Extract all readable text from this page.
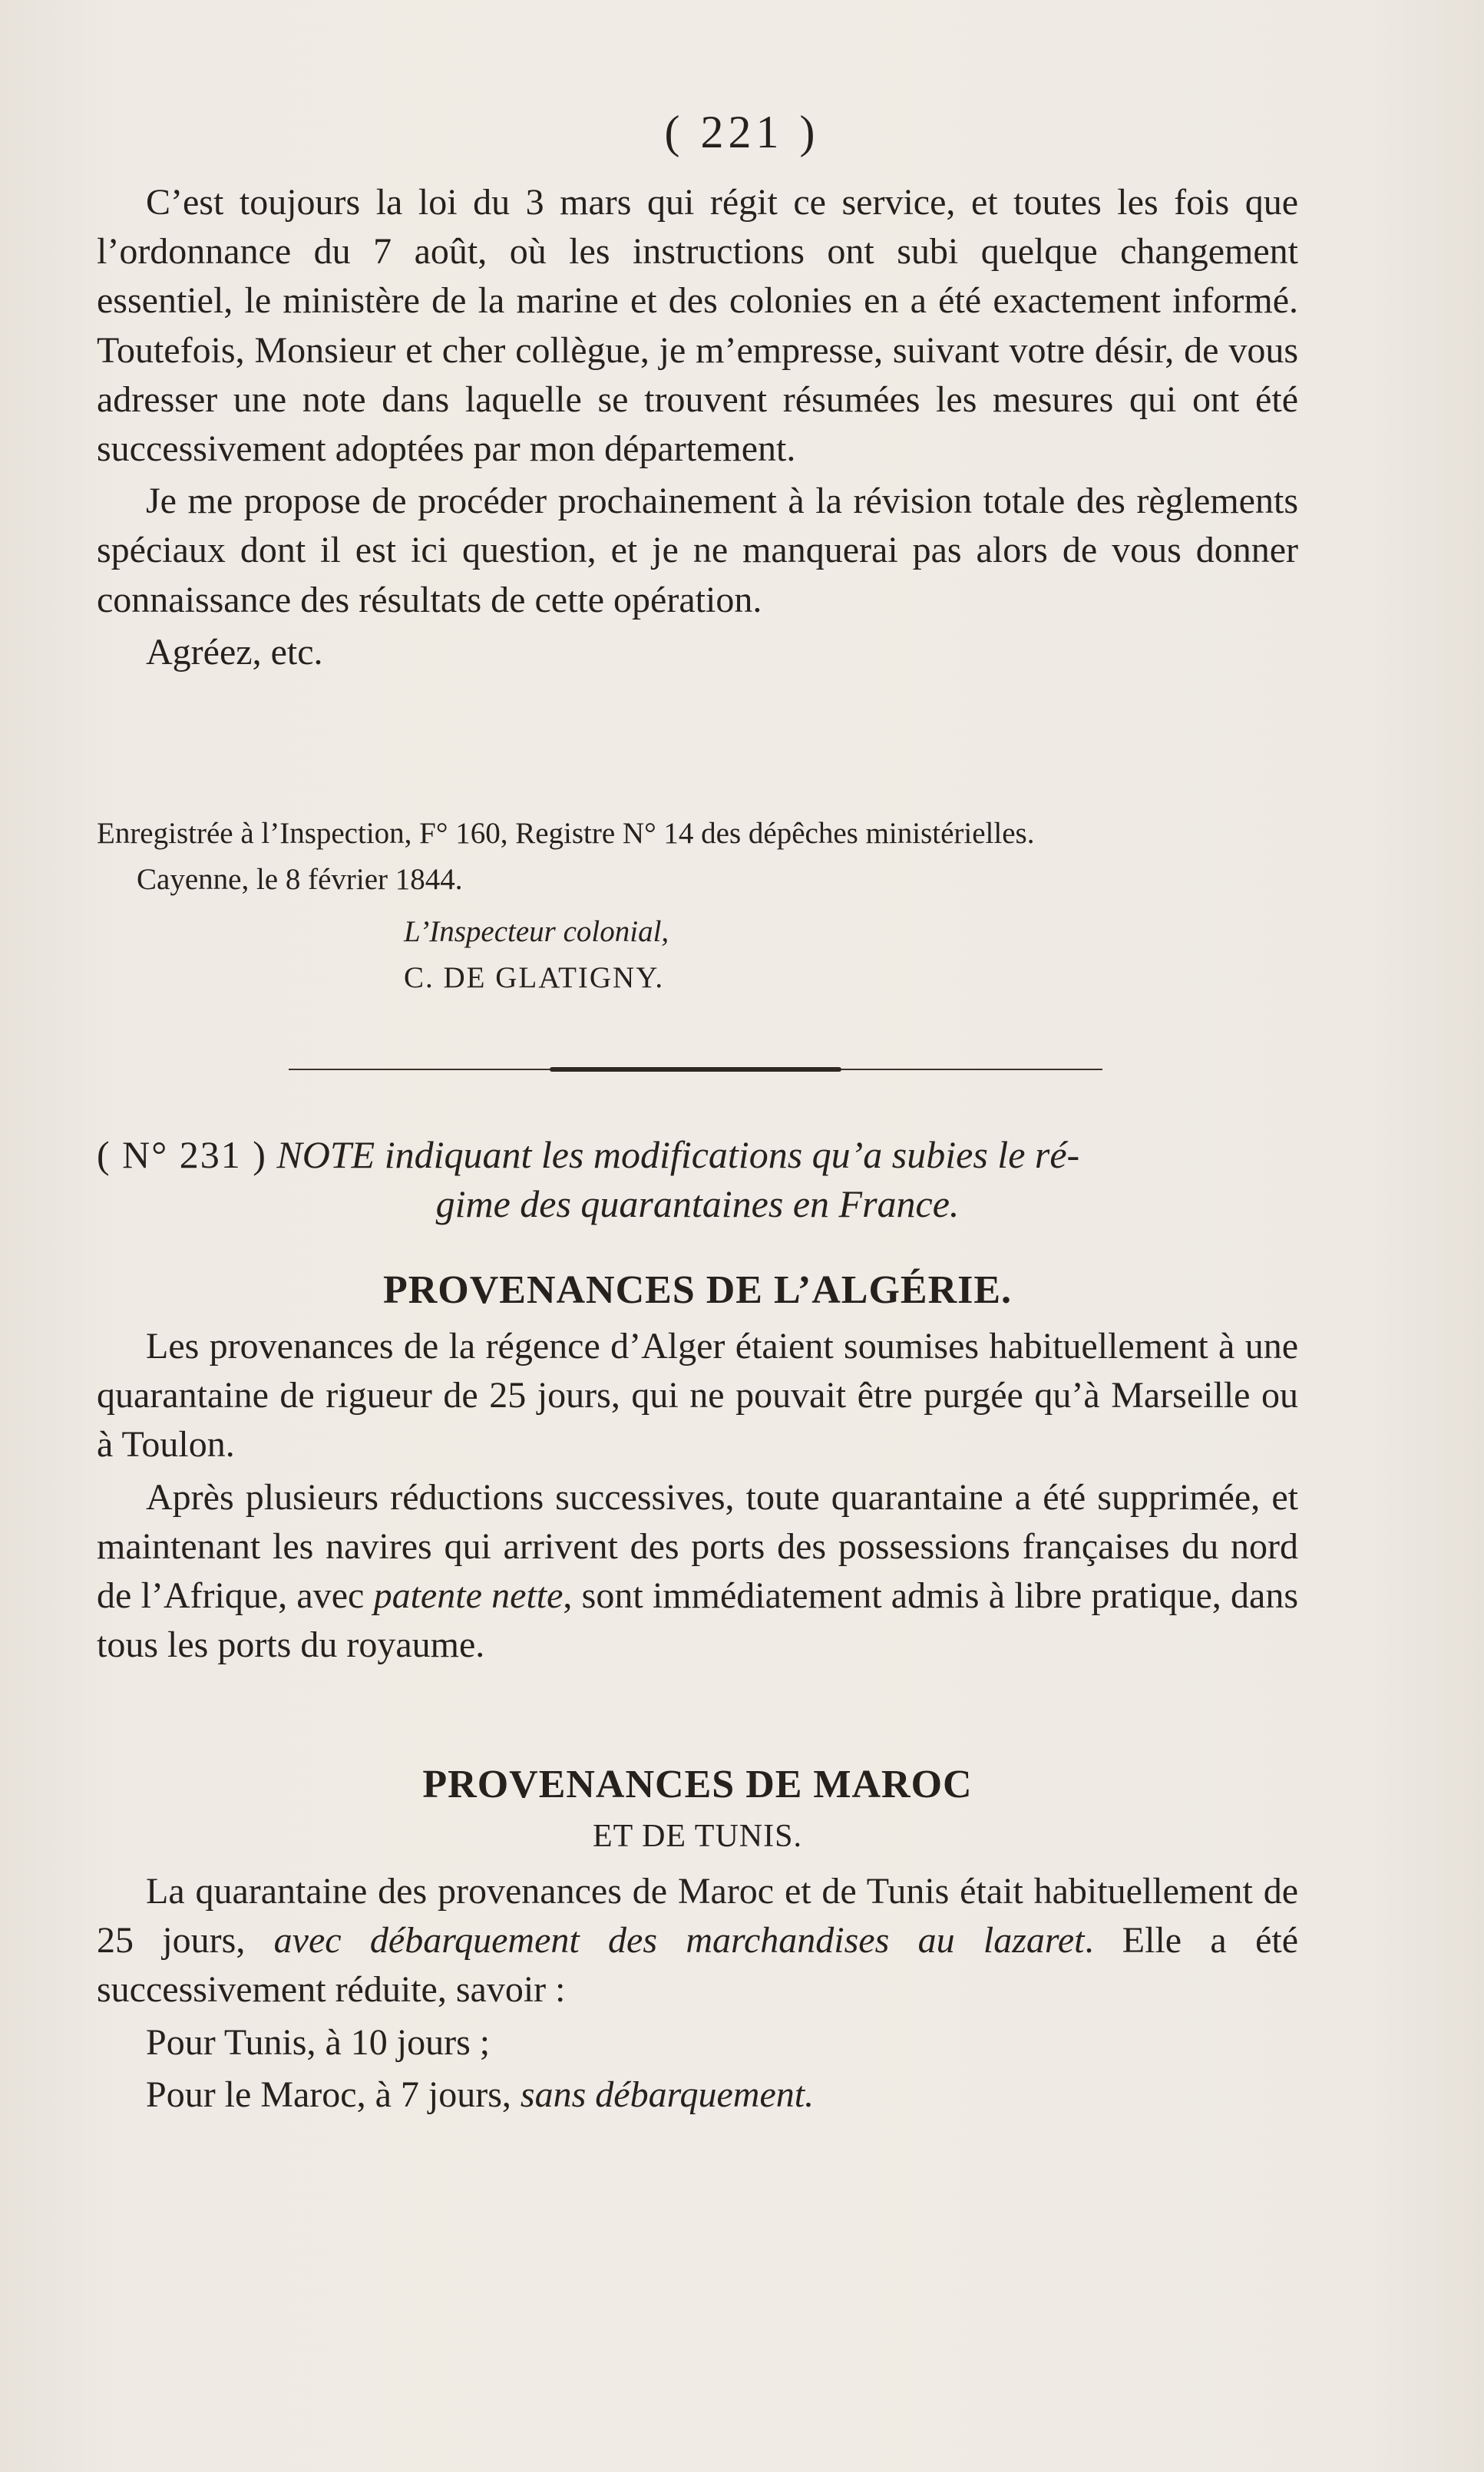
( 221 )

C’est toujours la loi du 3 mars qui régit ce service, et toutes les fois que l’ordonnance du 7 août, où les instructions ont subi quelque changement essentiel, le ministère de la marine et des colonies en a été exactement informé. Toutefois, Monsieur et cher collègue, je m’empresse, suivant votre désir, de vous adresser une note dans laquelle se trouvent résumées les mesures qui ont été successivement adoptées par mon département.

Je me propose de procéder prochainement à la révision totale des règlements spéciaux dont il est ici question, et je ne manquerai pas alors de vous donner connaissance des résultats de cette opération.

Agréez, etc.

Enregistrée à l’Inspection, F° 160, Registre N° 14 des dépêches ministérielles.

Cayenne, le 8 février 1844.

L’Inspecteur colonial,

C. DE GLATIGNY.

( N° 231 ) NOTE indiquant les modifications qu’a subies le ré-
gime des quarantaines en France.
PROVENANCES DE L’ALGÉRIE.

Les provenances de la régence d’Alger étaient soumises habituellement à une quarantaine de rigueur de 25 jours, qui ne pouvait être purgée qu’à Marseille ou à Toulon.

Après plusieurs réductions successives, toute quarantaine a été supprimée, et maintenant les navires qui arrivent des ports des possessions françaises du nord de l’Afrique, avec patente nette, sont immédiatement admis à libre pratique, dans tous les ports du royaume.

PROVENANCES DE MAROC
ET DE TUNIS.

La quarantaine des provenances de Maroc et de Tunis était habituellement de 25 jours, avec débarquement des marchandises au lazaret. Elle a été successivement réduite, savoir :

Pour Tunis, à 10 jours ;

Pour le Maroc, à 7 jours, sans débarquement.
